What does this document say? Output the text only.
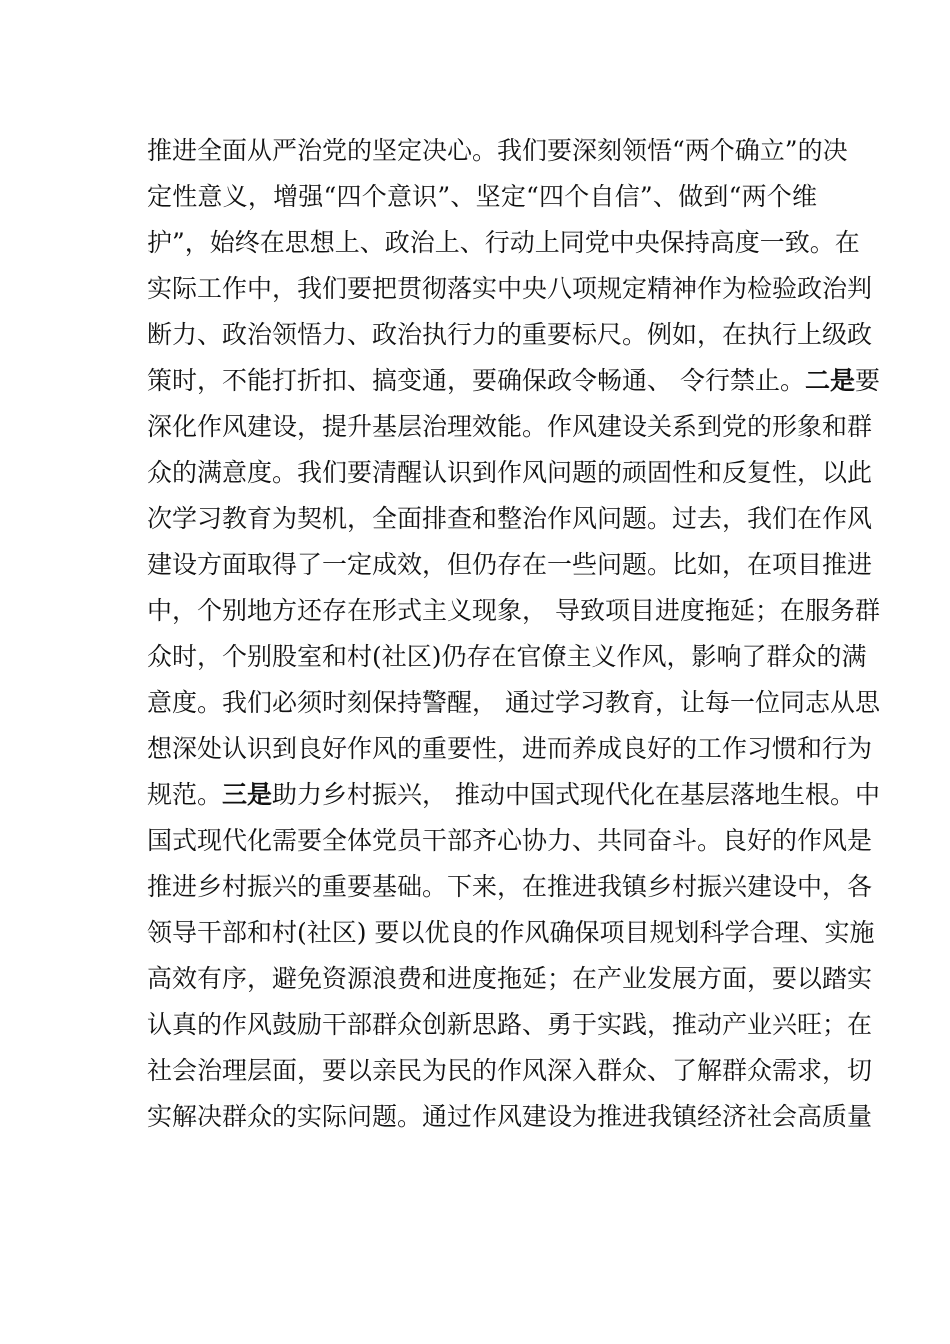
推进全面从严治党的坚定决心。我们要深刻领悟“两个确立”的决
定性意义，增强“四个意识”、坚定“四个自信”、做到“两个维
护”，始终在思想上、政治上、行动上同党中央保持高度一致。在
实际工作中，我们要把贯彻落实中央八项规定精神作为检验政治判
断力、政治领悟力、政治执行力的重要标尺。例如，在执行上级政
策时，不能打折扣、搞变通，要确保政令畅通、 令行禁止。二是要
深化作风建设，提升基层治理效能。作风建设关系到党的形象和群
众的满意度。我们要清醒认识到作风问题的顽固性和反复性，以此
次学习教育为契机，全面排查和整治作风问题。过去，我们在作风
建设方面取得了一定成效，但仍存在一些问题。比如，在项目推进
中，个别地方还存在形式主义现象， 导致项目进度拖延；在服务群
众时，个别股室和村(社区)仍存在官僚主义作风，影响了群众的满
意度。我们必须时刻保持警醒， 通过学习教育，让每一位同志从思
想深处认识到良好作风的重要性，进而养成良好的工作习惯和行为
规范。三是助力乡村振兴， 推动中国式现代化在基层落地生根。中
国式现代化需要全体党员干部齐心协力、共同奋斗。良好的作风是
推进乡村振兴的重要基础。下来，在推进我镇乡村振兴建设中，各
领导干部和村(社区) 要以优良的作风确保项目规划科学合理、实施
高效有序，避免资源浪费和进度拖延；在产业发展方面，要以踏实
认真的作风鼓励干部群众创新思路、勇于实践，推动产业兴旺；在
社会治理层面，要以亲民为民的作风深入群众、了解群众需求，切
实解决群众的实际问题。通过作风建设为推进我镇经济社会高质量
